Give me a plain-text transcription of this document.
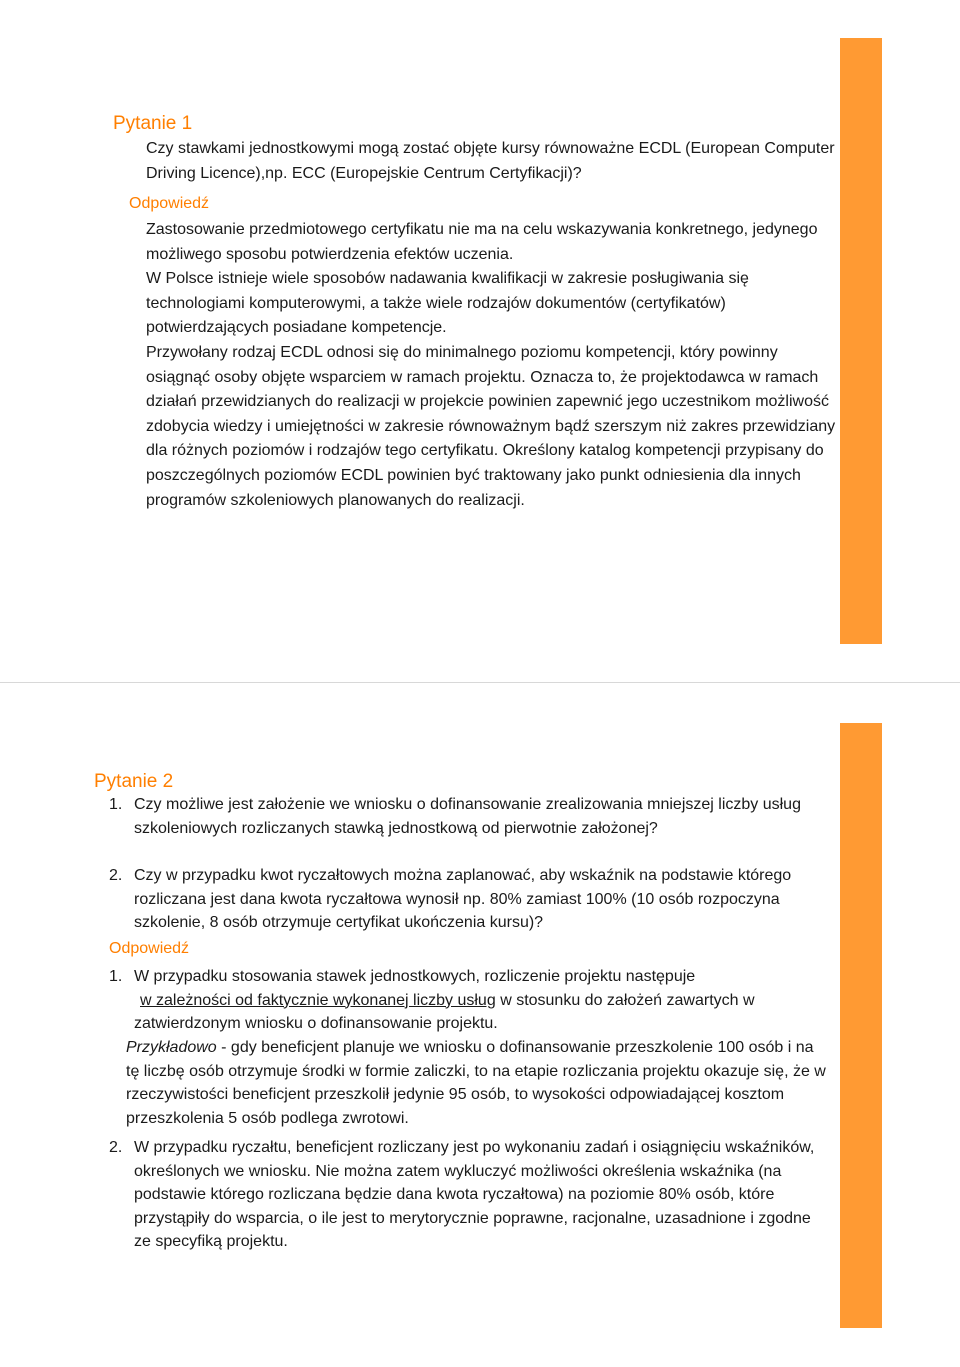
Pytanie 1

Czy stawkami jednostkowymi mogą zostać objęte kursy równoważne ECDL (European Computer Driving Licence),np. ECC (Europejskie Centrum Certyfikacji)?

Odpowiedź

Zastosowanie przedmiotowego certyfikatu nie ma na celu wskazywania konkretnego, jedynego możliwego sposobu potwierdzenia efektów uczenia.

W Polsce istnieje wiele sposobów nadawania kwalifikacji w zakresie posługiwania się technologiami komputerowymi, a także wiele rodzajów dokumentów (certyfikatów) potwierdzających posiadane kompetencje.

Przywołany rodzaj ECDL odnosi się do minimalnego poziomu kompetencji, który powinny osiągnąć osoby objęte wsparciem w ramach projektu. Oznacza to, że projektodawca w ramach działań przewidzianych do realizacji w projekcie powinien zapewnić jego uczestnikom możliwość zdobycia wiedzy i umiejętności w zakresie równoważnym bądź szerszym niż zakres przewidziany dla różnych poziomów i rodzajów tego certyfikatu. Określony katalog kompetencji przypisany do poszczególnych poziomów ECDL powinien być traktowany jako punkt odniesienia dla innych programów szkoleniowych planowanych do realizacji.

Pytanie 2
1. Czy możliwe jest założenie we wniosku o dofinansowanie zrealizowania mniejszej liczby usług szkoleniowych rozliczanych stawką jednostkową od pierwotnie założonej?
2. Czy w przypadku kwot ryczałtowych można zaplanować, aby wskaźnik na podstawie którego rozliczana jest dana kwota ryczałtowa wynosił np. 80% zamiast 100% (10 osób rozpoczyna szkolenie, 8 osób otrzymuje certyfikat ukończenia kursu)?
Odpowiedź
1. W przypadku stosowania stawek jednostkowych, rozliczenie projektu następuje
w zależności od faktycznie wykonanej liczby usług w stosunku do założeń zawartych w zatwierdzonym wniosku o dofinansowanie projektu.
Przykładowo - gdy beneficjent planuje we wniosku o dofinansowanie przeszkolenie 100 osób i na tę liczbę osób otrzymuje środki w formie zaliczki, to na etapie rozliczania projektu okazuje się, że w rzeczywistości beneficjent przeszkolił jedynie 95 osób, to wysokości odpowiadającej kosztom przeszkolenia 5 osób podlega zwrotowi.
2. W przypadku ryczałtu, beneficjent rozliczany jest po wykonaniu zadań i osiągnięciu wskaźników, określonych we wniosku. Nie można zatem wykluczyć możliwości określenia wskaźnika (na podstawie którego rozliczana będzie dana kwota ryczałtowa) na poziomie 80% osób, które przystąpiły do wsparcia, o ile jest to merytorycznie poprawne, racjonalne, uzasadnione i zgodne ze specyfiką projektu.
